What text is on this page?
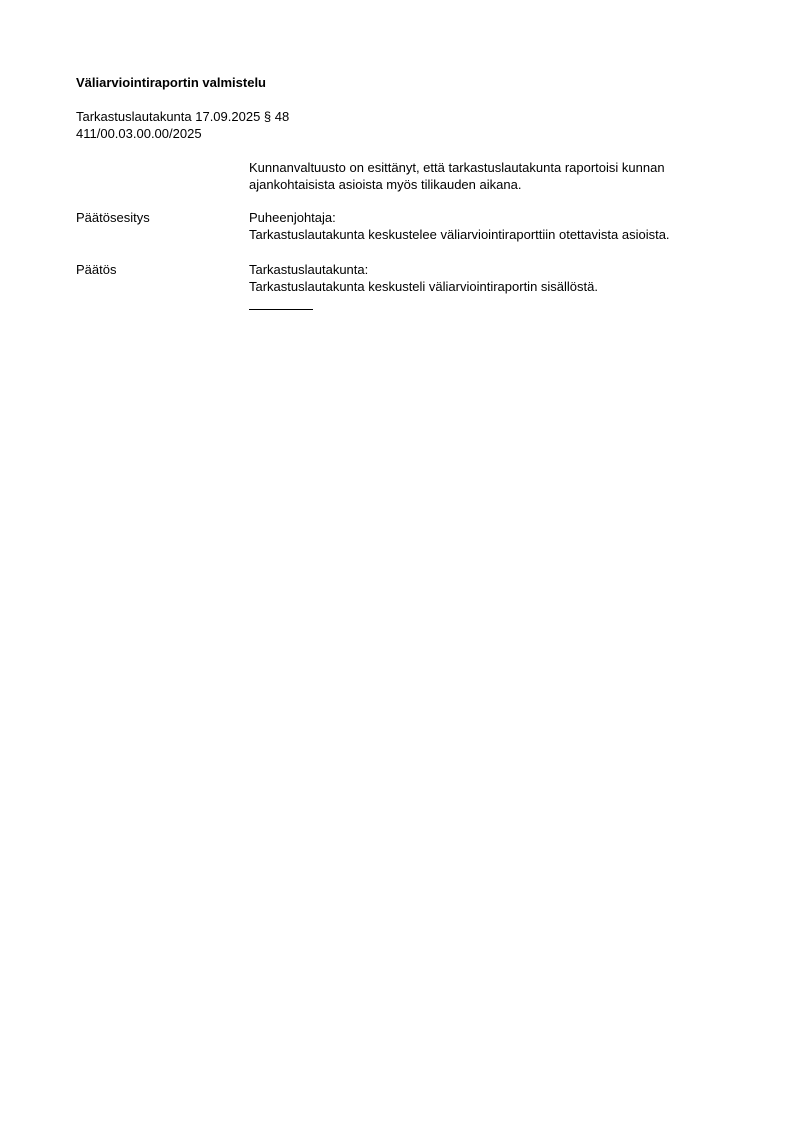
Väliarviointiraportin valmistelu
Tarkastuslautakunta 17.09.2025 § 48
411/00.03.00.00/2025
Kunnanvaltuusto on esittänyt, että tarkastuslautakunta raportoisi kunnan
ajankohtaisista asioista myös tilikauden aikana.
Päätösesitys	Puheenjohtaja:
Tarkastuslautakunta keskustelee väliarviointiraporttiin otettavista asioista.
Päätös	Tarkastuslautakunta:
Tarkastuslautakunta keskusteli väliarviointiraportin sisällöstä.
